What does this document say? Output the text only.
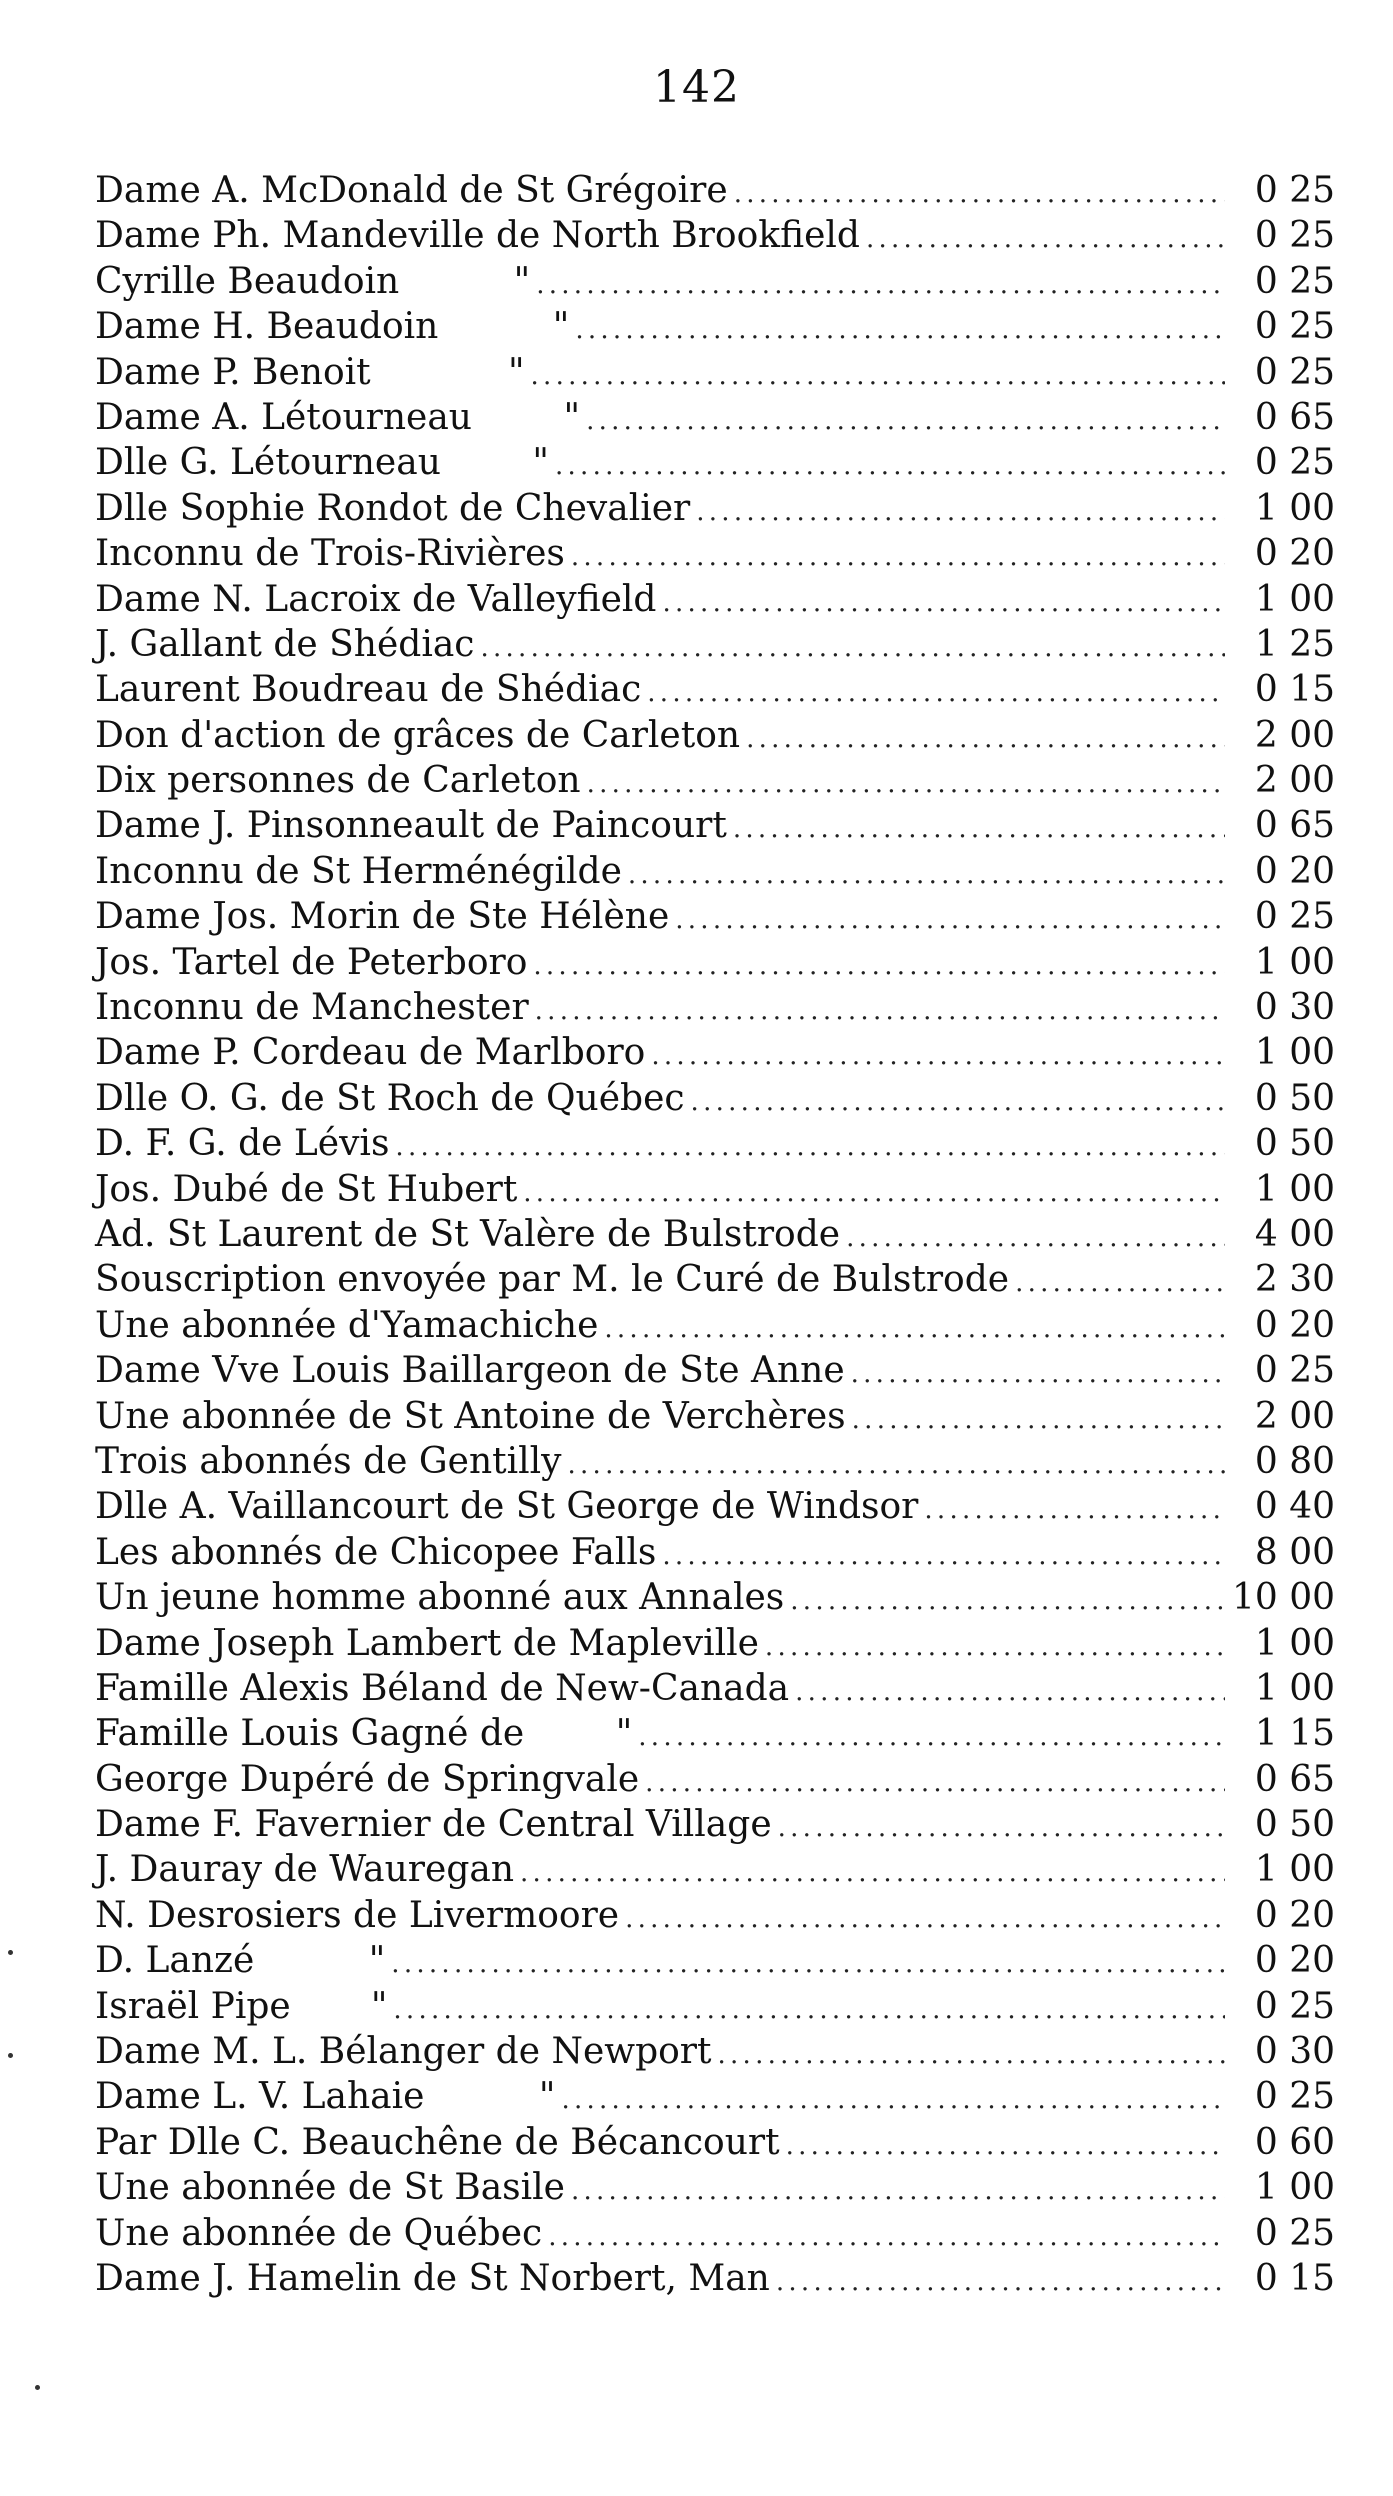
142
Dame A. McDonald de St Grégoire . . .	0 25
Dame Ph. Mandeville de North Brookfield . . .	0 25
Cyrille Beaudoin          " . . .	0 25
Dame H. Beaudoin          " . . .	0 25
Dame P. Benoit            " . . .	0 25
Dame A. Létourneau        " . . .	0 65
Dlle G. Létourneau        " . . .	0 25
Dlle Sophie Rondot de Chevalier . . .	1 00
Inconnu de Trois-Rivières . . .	0 20
Dame N. Lacroix de Valleyfield . . .	1 00
J. Gallant de Shédiac . . .	1 25
Laurent Boudreau de Shédiac . . .	0 15
Don d'action de grâces de Carleton . . .	2 00
Dix personnes de Carleton . . .	2 00
Dame J. Pinsonneault de Paincourt . . .	0 65
Inconnu de St Herménégilde . . .	0 20
Dame Jos. Morin de Ste Hélène . . .	0 25
Jos. Tartel de Peterboro . . .	1 00
Inconnu de Manchester . . .	0 30
Dame P. Cordeau de Marlboro . . .	1 00
Dlle O. G. de St Roch de Québec . . .	0 50
D. F. G. de Lévis . . .	0 50
Jos. Dubé de St Hubert . . .	1 00
Ad. St Laurent de St Valère de Bulstrode . . .	4 00
Souscription envoyée par M. le Curé de Bulstrode . . .	2 30
Une abonnée d'Yamachiche . . .	0 20
Dame Vve Louis Baillargeon de Ste Anne . . .	0 25
Une abonnée de St Antoine de Verchères . . .	2 00
Trois abonnés de Gentilly . . .	0 80
Dlle A. Vaillancourt de St George de Windsor . . .	0 40
Les abonnés de Chicopee Falls . . .	8 00
Un jeune homme abonné aux Annales . . .	10 00
Dame Joseph Lambert de Mapleville . . .	1 00
Famille Alexis Béland de New-Canada . . .	1 00
Famille Louis Gagné de        " . . .	1 15
George Dupéré de Springvale . . .	0 65
Dame F. Favernier de Central Village . . .	0 50
J. Dauray de Wauregan . . .	1 00
N. Desrosiers de Livermoore . . .	0 20
D. Lanzé          " . . .	0 20
Israël Pipe       " . . .	0 25
Dame M. L. Bélanger de Newport . . .	0 30
Dame L. V. Lahaie          " . . .	0 25
Par Dlle C. Beauchêne de Bécancourt . . .	0 60
Une abonnée de St Basile . . .	1 00
Une abonnée de Québec . . .	0 25
Dame J. Hamelin de St Norbert, Man . . .	0 15
